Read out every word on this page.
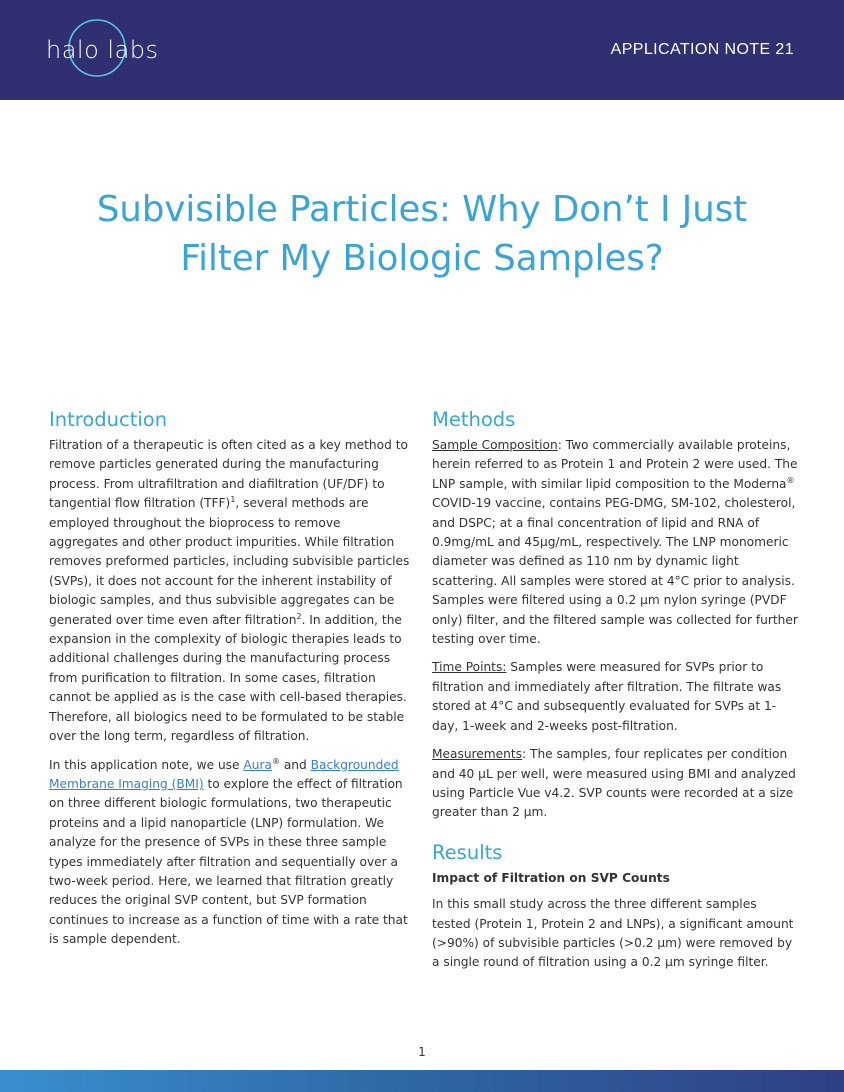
halo labs	APPLICATION NOTE 21
Subvisible Particles: Why Don’t I Just
Filter My Biologic Samples?
Introduction

Filtration of a therapeutic is often cited as a key method to remove particles generated during the manufacturing process. From ultrafiltration and diafiltration (UF/DF) to tangential flow filtration (TFF)$^1$, several methods are employed throughout the bioprocess to remove aggregates and other product impurities. While filtration removes preformed particles, including subvisible particles (SVPs), it does not account for the inherent instability of biologic samples, and thus subvisible aggregates can be generated over time even after filtration$^2$. In addition, the expansion in the complexity of biologic therapies leads to additional challenges during the manufacturing process from purification to filtration. In some cases, filtration cannot be applied as is the case with cell-based therapies. Therefore, all biologics need to be formulated to be stable over the long term, regardless of filtration.

In this application note, we use Aura® and Backgrounded Membrane Imaging (BMI) to explore the effect of filtration on three different biologic formulations, two therapeutic proteins and a lipid nanoparticle (LNP) formulation. We analyze for the presence of SVPs in these three sample types immediately after filtration and sequentially over a two-week period. Here, we learned that filtration greatly reduces the original SVP content, but SVP formation continues to increase as a function of time with a rate that is sample dependent.

Methods

Sample Composition: Two commercially available proteins, herein referred to as Protein 1 and Protein 2 were used. The LNP sample, with similar lipid composition to the Moderna® COVID-19 vaccine, contains PEG-DMG, SM-102, cholesterol, and DSPC; at a final concentration of lipid and RNA of 0.9mg/mL and 45µg/mL, respectively. The LNP monomeric diameter was defined as 110 nm by dynamic light scattering. All samples were stored at 4°C prior to analysis. Samples were filtered using a 0.2 µm nylon syringe (PVDF only) filter, and the filtered sample was collected for further testing over time.

Time Points: Samples were measured for SVPs prior to filtration and immediately after filtration. The filtrate was stored at 4°C and subsequently evaluated for SVPs at 1-day, 1-week and 2-weeks post-filtration.

Measurements: The samples, four replicates per condition and 40 µL per well, were measured using BMI and analyzed using Particle Vue v4.2. SVP counts were recorded at a size greater than 2 µm.

Results

Impact of Filtration on SVP Counts

In this small study across the three different samples tested (Protein 1, Protein 2 and LNPs), a significant amount (>90%) of subvisible particles (>0.2 µm) were removed by a single round of filtration using a 0.2 µm syringe filter.

1
